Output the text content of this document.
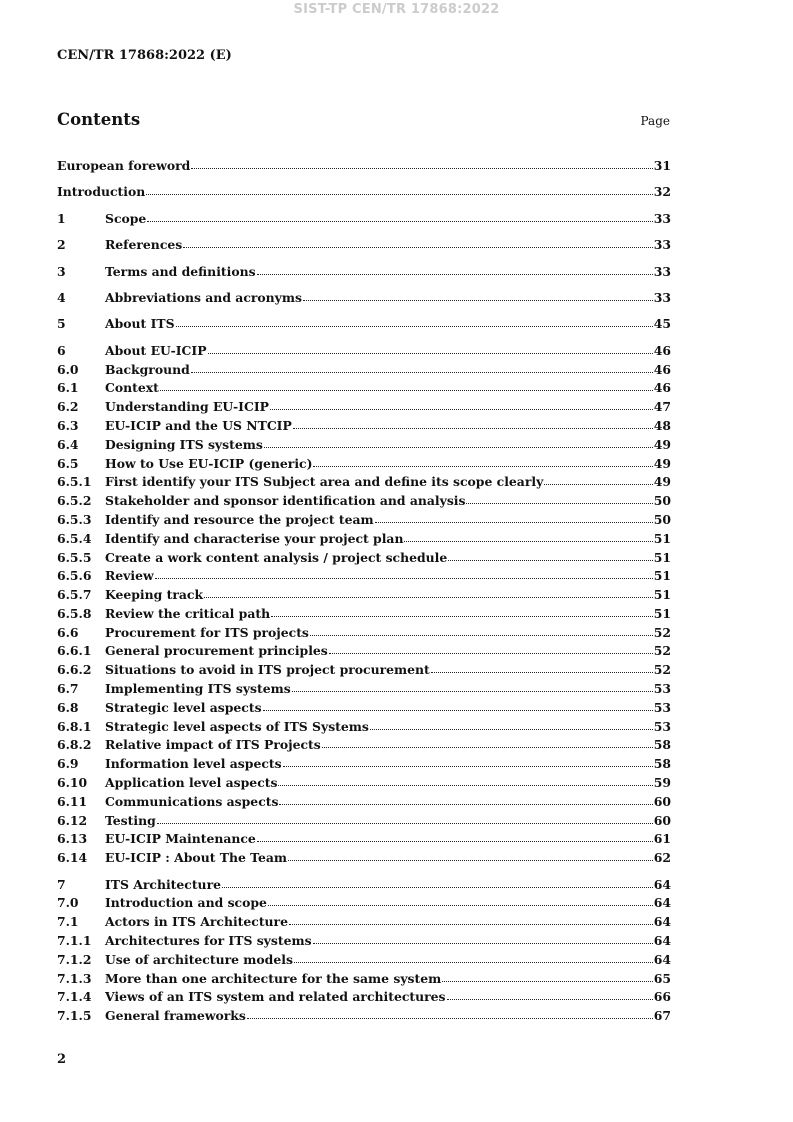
SIST-TP CEN/TR 17868:2022
CEN/TR 17868:2022 (E)
Contents	Page
European foreword	31
Introduction	32
1	Scope	33
2	References	33
3	Terms and definitions	33
4	Abbreviations and acronyms	33
5	About ITS	45
6	About EU-ICIP	46
6.0	Background	46
6.1	Context	46
6.2	Understanding EU-ICIP	47
6.3	EU-ICIP and the US NTCIP	48
6.4	Designing ITS systems	49
6.5	How to Use EU-ICIP (generic)	49
6.5.1	First identify your ITS Subject area and define its scope clearly	49
6.5.2	Stakeholder and sponsor identification and analysis	50
6.5.3	Identify and resource the project team	50
6.5.4	Identify and characterise your project plan	51
6.5.5	Create a work content analysis / project schedule	51
6.5.6	Review	51
6.5.7	Keeping track	51
6.5.8	Review the critical path	51
6.6	Procurement for ITS projects	52
6.6.1	General procurement principles	52
6.6.2	Situations to avoid in ITS project procurement	52
6.7	Implementing ITS systems	53
6.8	Strategic level aspects	53
6.8.1	Strategic level aspects of ITS Systems	53
6.8.2	Relative impact of ITS Projects	58
6.9	Information level aspects	58
6.10	Application level aspects	59
6.11	Communications aspects	60
6.12	Testing	60
6.13	EU-ICIP Maintenance	61
6.14	EU-ICIP : About The Team	62
7	ITS Architecture	64
7.0	Introduction and scope	64
7.1	Actors in ITS Architecture	64
7.1.1	Architectures for ITS systems	64
7.1.2	Use of architecture models	64
7.1.3	More than one architecture for the same system	65
7.1.4	Views of an ITS system and related architectures	66
7.1.5	General frameworks	67
2
